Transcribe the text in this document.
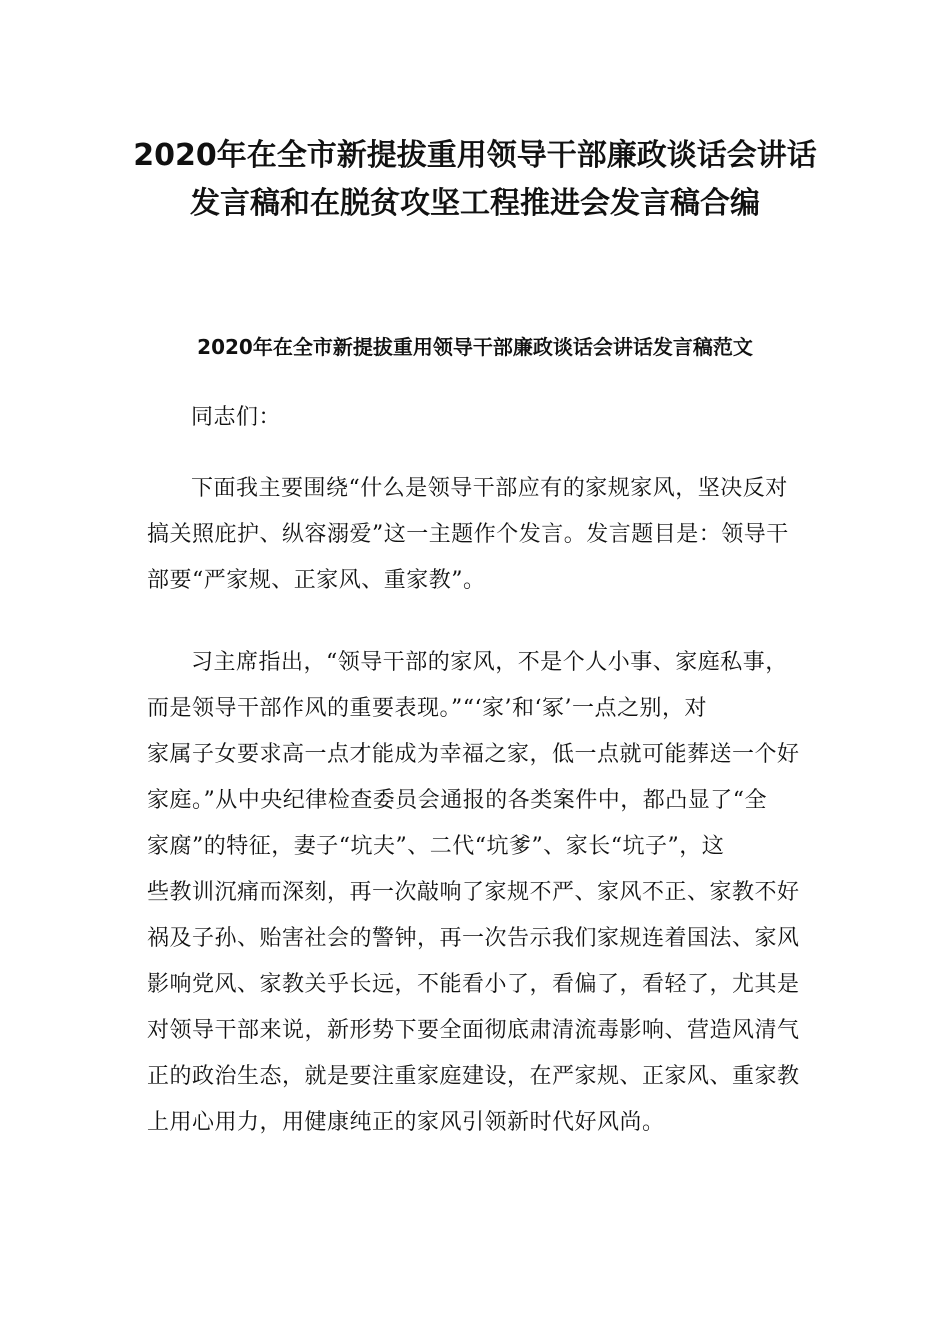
2020年在全市新提拔重用领导干部廉政谈话会讲话
发言稿和在脱贫攻坚工程推进会发言稿合编
2020年在全市新提拔重用领导干部廉政谈话会讲话发言稿范文

同志们：

下面我主要围绕“什么是领导干部应有的家规家风，坚决反对
搞关照庇护、纵容溺爱”这一主题作个发言。发言题目是：领导干
部要“严家规、正家风、重家教”。

习主席指出，“领导干部的家风，不是个人小事、家庭私事，
而是领导干部作风的重要表现。”“‘家’和‘冢’一点之别，对
家属子女要求高一点才能成为幸福之家，低一点就可能葬送一个好
家庭。”从中央纪律检查委员会通报的各类案件中，都凸显了“全
家腐”的特征，妻子“坑夫”、二代“坑爹”、家长“坑子”，这
些教训沉痛而深刻，再一次敲响了家规不严、家风不正、家教不好
祸及子孙、贻害社会的警钟，再一次告示我们家规连着国法、家风
影响党风、家教关乎长远，不能看小了，看偏了，看轻了，尤其是
对领导干部来说，新形势下要全面彻底肃清流毒影响、营造风清气
正的政治生态，就是要注重家庭建设，在严家规、正家风、重家教
上用心用力，用健康纯正的家风引领新时代好风尚。
